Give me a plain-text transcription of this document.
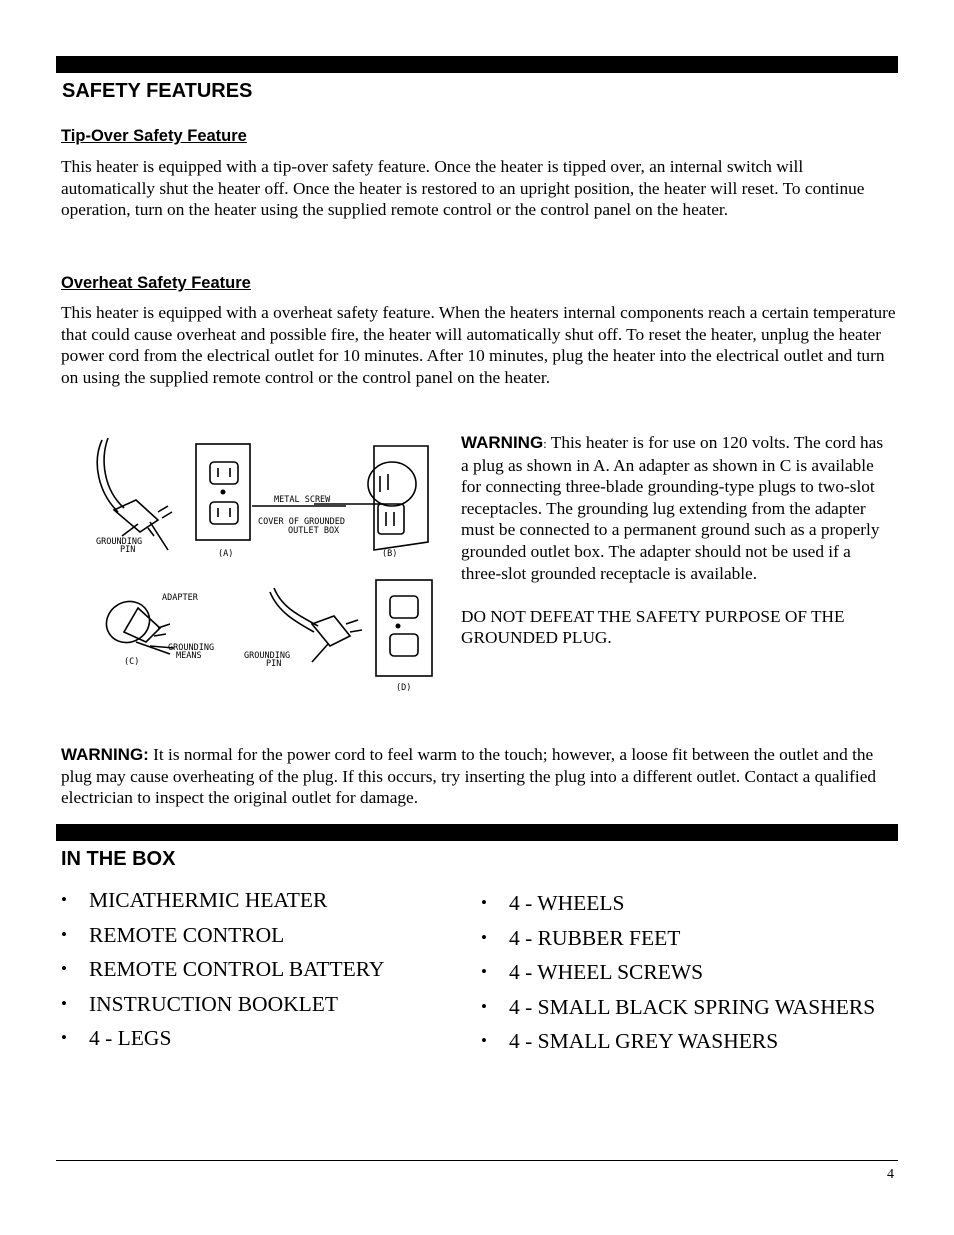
SAFETY FEATURES
Tip-Over Safety Feature

This heater is equipped with a tip-over safety feature. Once the heater is tipped over, an internal switch will automatically shut the heater off. Once the heater is restored to an upright position, the heater will reset. To continue operation, turn on the heater using the supplied remote control or the control panel on the heater.

Overheat Safety Feature

This heater is equipped with a overheat safety feature. When the heaters internal components reach a certain temperature that could cause overheat and possible fire, the heater will automatically shut off. To reset the heater, unplug the heater power cord from the electrical outlet for 10 minutes. After 10 minutes, plug the heater into the electrical outlet and turn on using the supplied remote control or the control panel on the heater.

GROUNDING
PIN
METAL SCREW
COVER OF GROUNDED
OUTLET BOX
(A)	(B)
ADAPTER
GROUNDING
MEANS
(C)
GROUNDING
PIN
(D)

WARNING: This heater is for use on 120 volts. The cord has a plug as shown in A. An adapter as shown in C is available for connecting three-blade grounding-type plugs to two-slot receptacles. The grounding lug extending from the adapter must be connected to a permanent ground such as a properly grounded outlet box. The adapter should not be used if a three-slot grounded receptacle is available.

DO NOT DEFEAT THE SAFETY PURPOSE OF THE GROUNDED PLUG.

WARNING: It is normal for the power cord to feel warm to the touch; however, a loose fit between the outlet and the plug may cause overheating of the plug. If this occurs, try inserting the plug into a different outlet. Contact a qualified electrician to inspect the original outlet for damage.

IN THE BOX
• MICATHERMIC HEATER
• REMOTE CONTROL
• REMOTE CONTROL BATTERY
• INSTRUCTION BOOKLET
• 4 - LEGS
• 4 - WHEELS
• 4 - RUBBER FEET
• 4 - WHEEL SCREWS
• 4 - SMALL BLACK SPRING WASHERS
• 4 - SMALL GREY WASHERS
4
